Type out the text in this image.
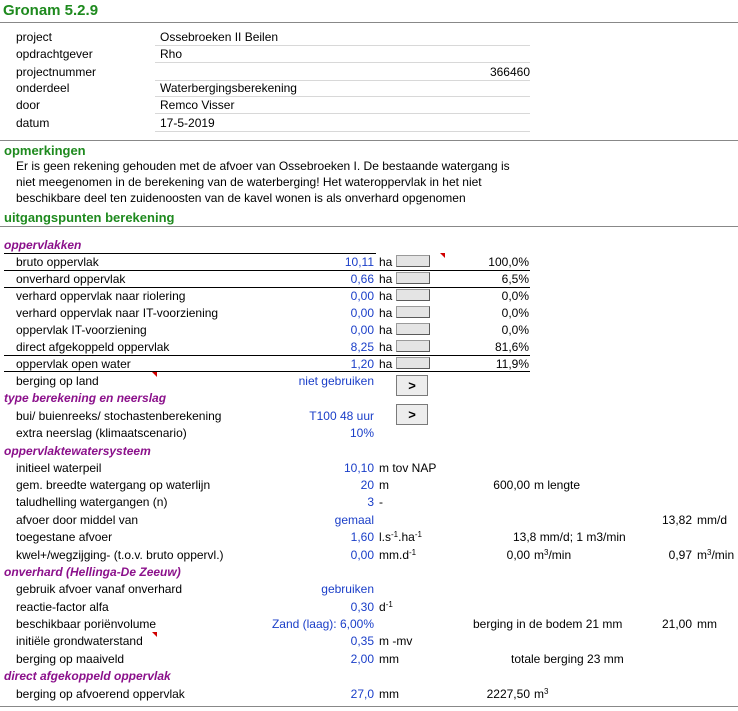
Gronam 5.2.9
project	Ossebroeken II Beilen
opdrachtgever	Rho
projectnummer	366460
onderdeel	Waterbergingsberekening
door	Remco Visser
datum	17-5-2019
opmerkingen
Er is geen rekening gehouden met de afvoer van Ossebroeken I. De bestaande watergang is
niet meegenomen in de berekening van de waterberging! Het wateroppervlak in het niet
beschikbare deel ten zuidenoosten van de kavel wonen is als onverhard opgenomen
uitgangspunten berekening
oppervlakken
bruto oppervlak	10,11 ha	100,0%
onverhard oppervlak	0,66 ha	6,5%
verhard oppervlak naar riolering	0,00 ha	0,0%
verhard oppervlak naar IT-voorziening	0,00 ha	0,0%
oppervlak IT-voorziening	0,00 ha	0,0%
direct afgekoppeld oppervlak	8,25 ha	81,6%
oppervlak open water	1,20 ha	11,9%
berging op land	niet gebruiken	>
type berekening en neerslag
bui/ buienreeks/ stochastenberekening	T100 48 uur	>
extra neerslag (klimaatscenario)	10%
oppervlaktewatersysteem
initieel waterpeil	10,10 m tov NAP
gem. breedte watergang op waterlijn	20 m	600,00 m lengte
taludhelling watergangen (n)	3 -
afvoer door middel van	gemaal	13,82 mm/d
toegestane afvoer	1,60 $l.s^{-1}.ha^{-1}$	13,8 mm/d; 1 m3/min
kwel+/wegzijging- (t.o.v. bruto oppervl.)	0,00 $mm.d^{-1}$	0,00 $m^3/\min$	0,97 $m^3/\min$
onverhard (Hellinga-De Zeeuw)
gebruik afvoer vanaf onverhard	gebruiken
reactie-factor alfa	0,30 $d^{-1}$
beschikbaar poriënvolume	Zand (laag): 6,00%	berging in de bodem 21 mm	21,00 mm
initiële grondwaterstand	0,35 m -mv
berging op maaiveld	2,00 mm	totale berging 23 mm
direct afgekoppeld oppervlak
berging op afvoerend oppervlak	27,0 mm	2227,50 $m^3$
